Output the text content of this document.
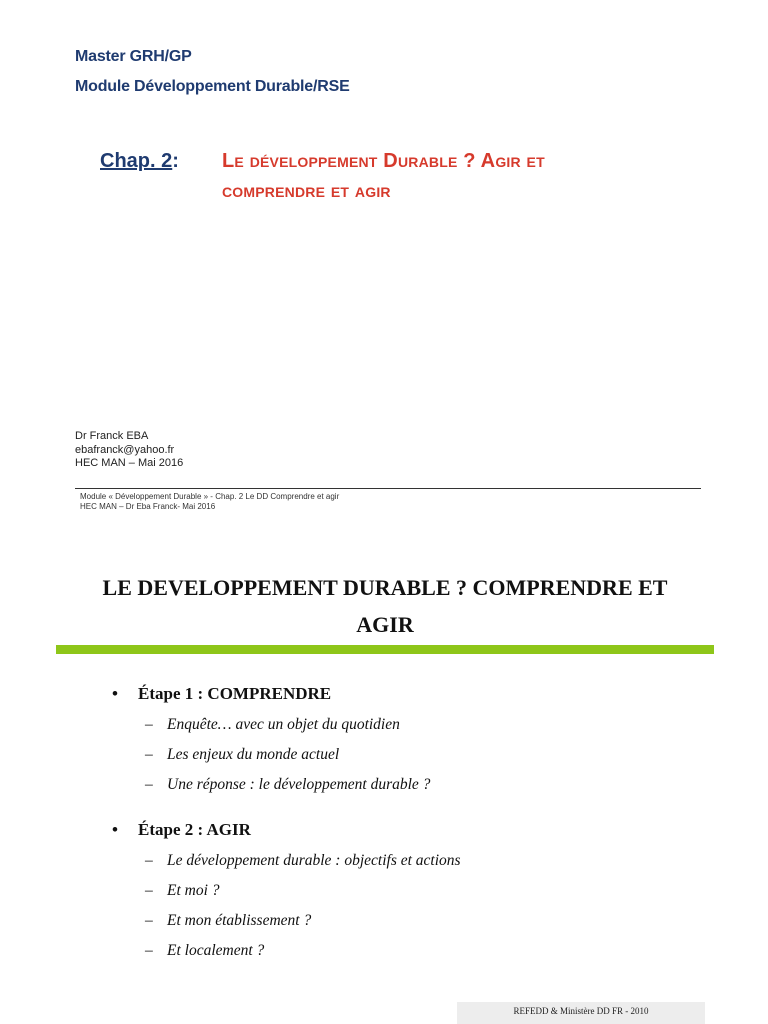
Master GRH/GP
Module Développement Durable/RSE
Chap. 2: Le développement Durable ? Agir et
comprendre et agir
Dr Franck EBA
ebafranck@yahoo.fr
HEC MAN – Mai 2016
Module « Développement Durable » - Chap. 2 Le DD Comprendre et agir
HEC MAN – Dr Eba Franck- Mai 2016
LE DEVELOPPEMENT DURABLE ? COMPRENDRE ET
AGIR
• Étape 1 : COMPRENDRE
– Enquête… avec un objet du quotidien
– Les enjeux du monde actuel
– Une réponse : le développement durable ?
• Étape 2 : AGIR
– Le développement durable : objectifs et actions
– Et moi ?
– Et mon établissement ?
– Et localement ?
REFEDD & Ministère DD FR - 2010
